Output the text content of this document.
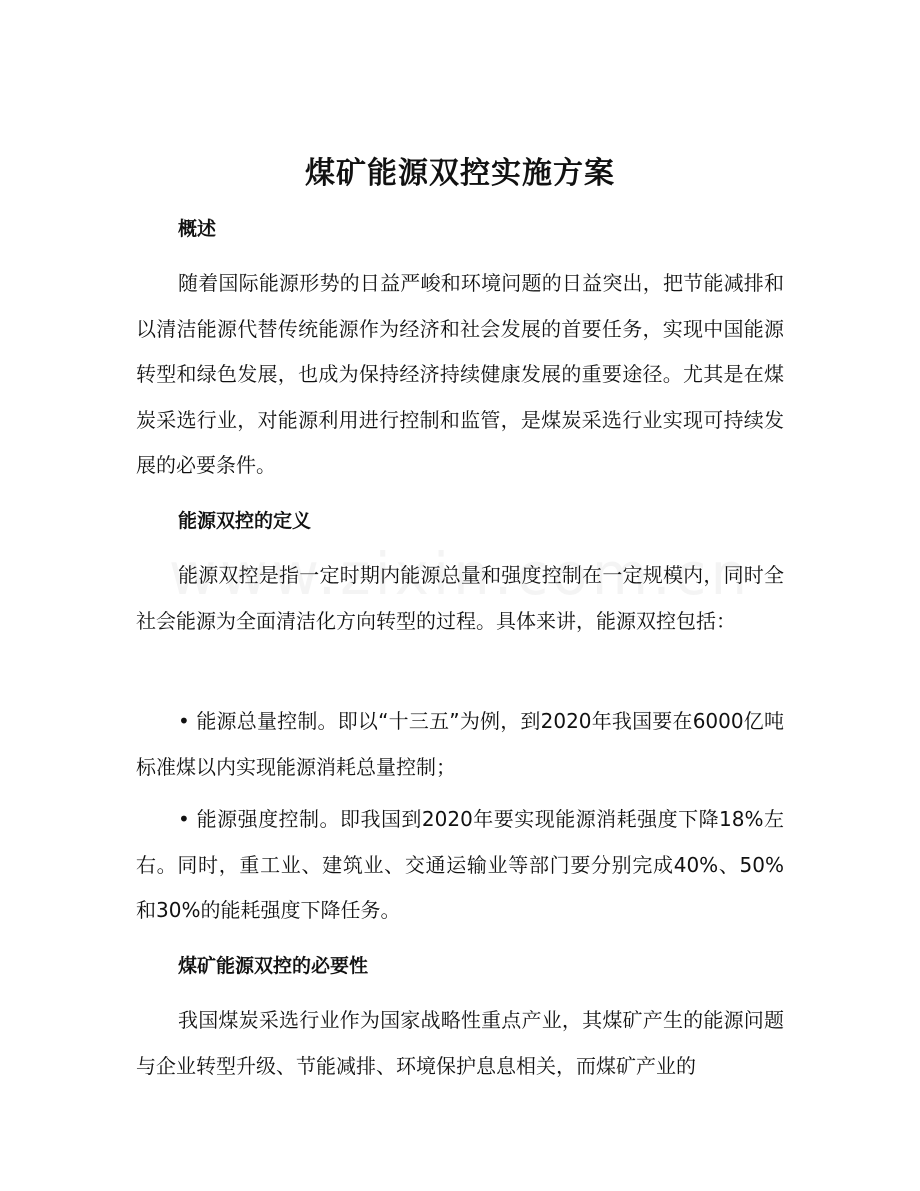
煤矿能源双控实施方案
概述

随着国际能源形势的日益严峻和环境问题的日益突出，把节能减排和以清洁能源代替传统能源作为经济和社会发展的首要任务，实现中国能源转型和绿色发展，也成为保持经济持续健康发展的重要途径。尤其是在煤炭采选行业，对能源利用进行控制和监管，是煤炭采选行业实现可持续发展的必要条件。

能源双控的定义

能源双控是指一定时期内能源总量和强度控制在一定规模内，同时全社会能源为全面清洁化方向转型的过程。具体来讲，能源双控包括：

• 能源总量控制。即以“十三五”为例，到2020年我国要在6000亿吨标准煤以内实现能源消耗总量控制；

• 能源强度控制。即我国到2020年要实现能源消耗强度下降18%左右。同时，重工业、建筑业、交通运输业等部门要分别完成40%、50%和30%的能耗强度下降任务。

煤矿能源双控的必要性

我国煤炭采选行业作为国家战略性重点产业，其煤矿产生的能源问题与企业转型升级、节能减排、环境保护息息相关，而煤矿产业的
